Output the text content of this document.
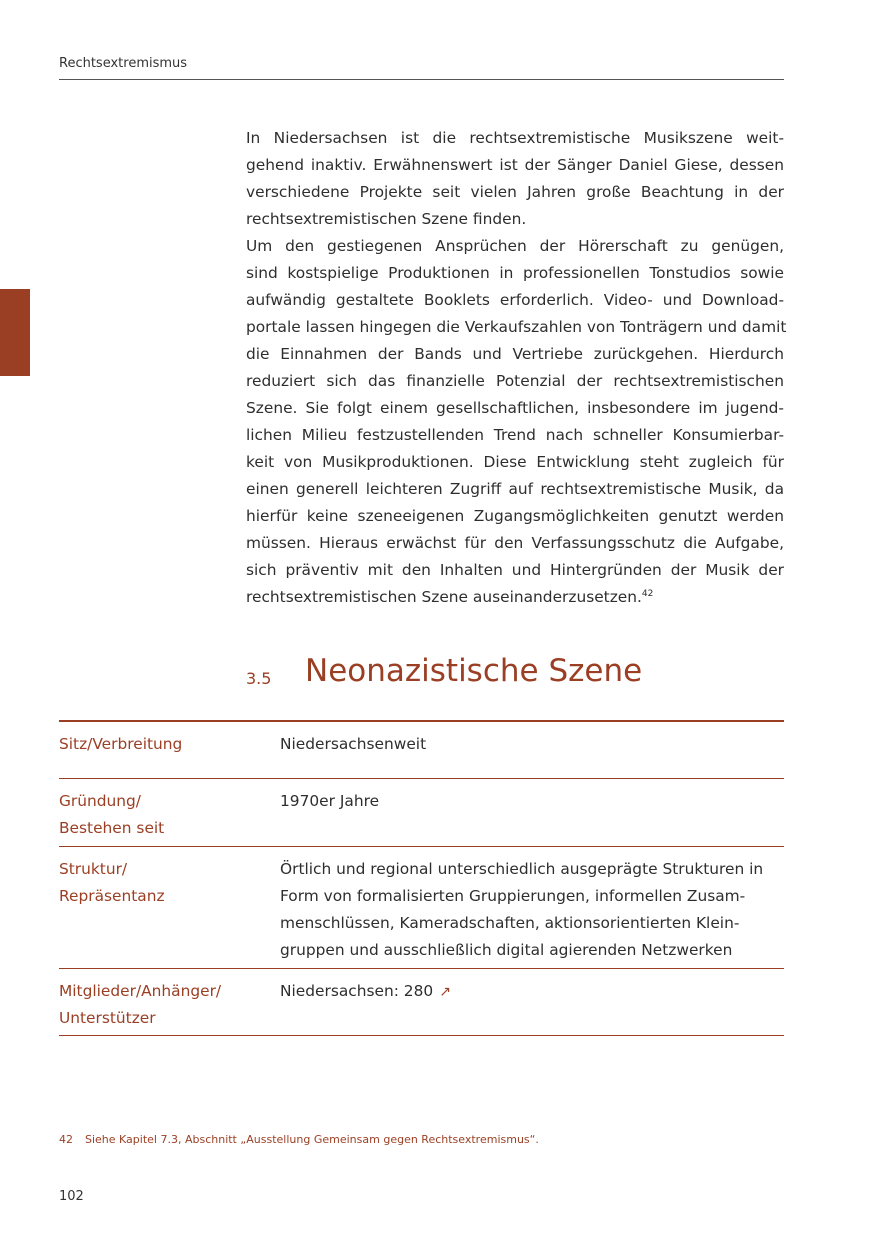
Rechtsextremismus

In Niedersachsen ist die rechtsextremistische Musikszene weit-
gehend inaktiv. Erwähnenswert ist der Sänger Daniel Giese, dessen
verschiedene Projekte seit vielen Jahren große Beachtung in der
rechtsextremistischen Szene finden.
Um den gestiegenen Ansprüchen der Hörerschaft zu genügen,
sind kostspielige Produktionen in professionellen Tonstudios sowie
aufwändig gestaltete Booklets erforderlich. Video- und Download-
portale lassen hingegen die Verkaufszahlen von Tonträgern und damit
die Einnahmen der Bands und Vertriebe zurückgehen. Hierdurch
reduziert sich das finanzielle Potenzial der rechtsextremistischen
Szene. Sie folgt einem gesellschaftlichen, insbesondere im jugend-
lichen Milieu festzustellenden Trend nach schneller Konsumierbar-
keit von Musikproduktionen. Diese Entwicklung steht zugleich für
einen generell leichteren Zugriff auf rechtsextremistische Musik, da
hierfür keine szeneeigenen Zugangsmöglichkeiten genutzt werden
müssen. Hieraus erwächst für den Verfassungsschutz die Aufgabe,
sich präventiv mit den Inhalten und Hintergründen der Musik der
rechtsextremistischen Szene auseinanderzusetzen.$^{42}$

3.5 Neonazistische Szene
Sitz/Verbreitung	Niedersachsenweit
Gründung/
Bestehen seit
1970er Jahre
Struktur/
Repräsentanz
Örtlich und regional unterschiedlich ausgeprägte Strukturen in
Form von formalisierten Gruppierungen, informellen Zusam-
menschlüssen, Kameradschaften, aktionsorientierten Klein-
gruppen und ausschließlich digital agierenden Netzwerken
Mitglieder/Anhänger/
Unterstützer
Niedersachsen: 280 ↗
42 Siehe Kapitel 7.3, Abschnitt „Ausstellung Gemeinsam gegen Rechtsextremismus“.
102
